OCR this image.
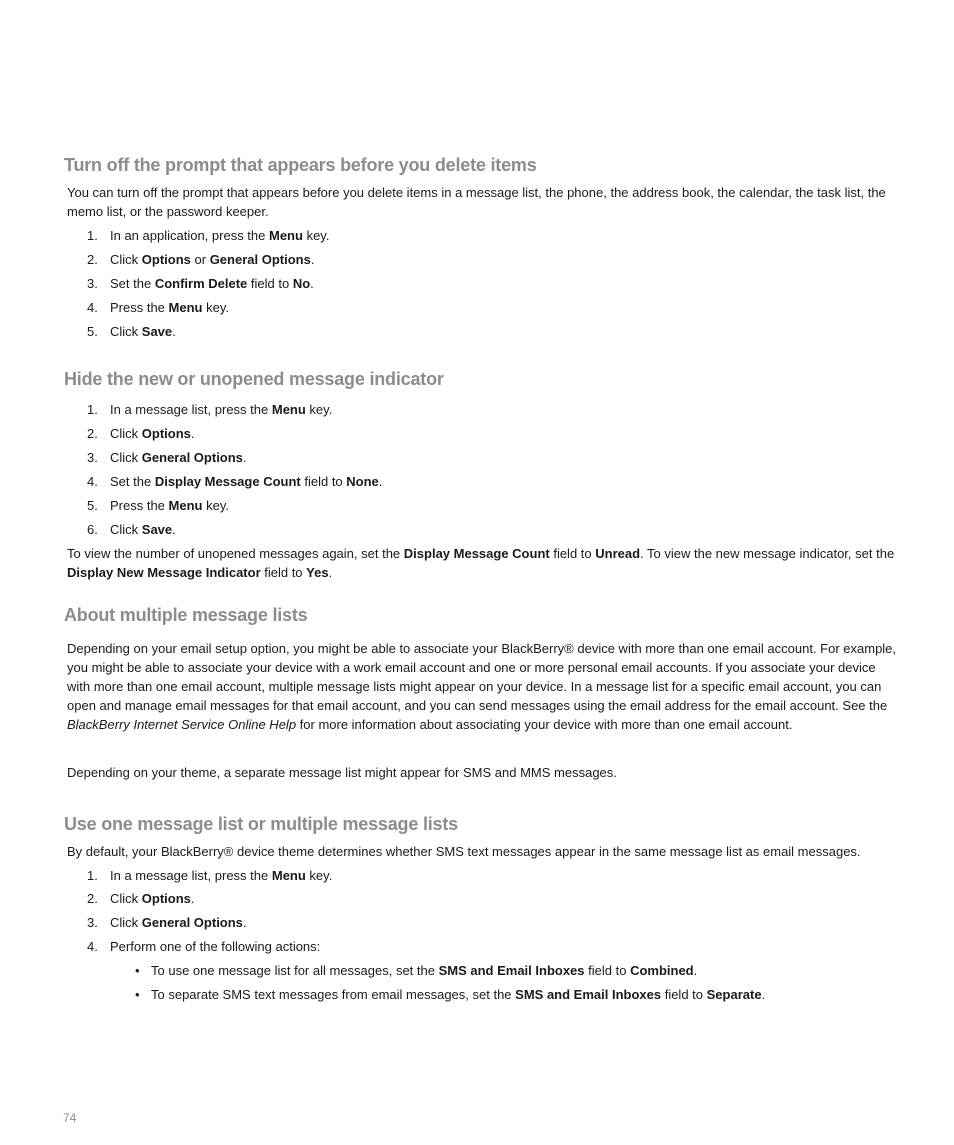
Turn off the prompt that appears before you delete items

You can turn off the prompt that appears before you delete items in a message list, the phone, the address book, the calendar, the task list, the memo list, or the password keeper.

1. In an application, press the Menu key.

2. Click Options or General Options.

3. Set the Confirm Delete field to No.

4. Press the Menu key.

5. Click Save.

Hide the new or unopened message indicator

1. In a message list, press the Menu key.

2. Click Options.

3. Click General Options.

4. Set the Display Message Count field to None.

5. Press the Menu key.

6. Click Save.

To view the number of unopened messages again, set the Display Message Count field to Unread. To view the new message indicator, set the Display New Message Indicator field to Yes.

About multiple message lists

Depending on your email setup option, you might be able to associate your BlackBerry® device with more than one email account. For example, you might be able to associate your device with a work email account and one or more personal email accounts. If you associate your device with more than one email account, multiple message lists might appear on your device. In a message list for a specific email account, you can open and manage email messages for that email account, and you can send messages using the email address for the email account. See the BlackBerry Internet Service Online Help for more information about associating your device with more than one email account.

Depending on your theme, a separate message list might appear for SMS and MMS messages.

Use one message list or multiple message lists

By default, your BlackBerry® device theme determines whether SMS text messages appear in the same message list as email messages.

1. In a message list, press the Menu key.

2. Click Options.

3. Click General Options.

4. Perform one of the following actions:

• To use one message list for all messages, set the SMS and Email Inboxes field to Combined.

• To separate SMS text messages from email messages, set the SMS and Email Inboxes field to Separate.

74
